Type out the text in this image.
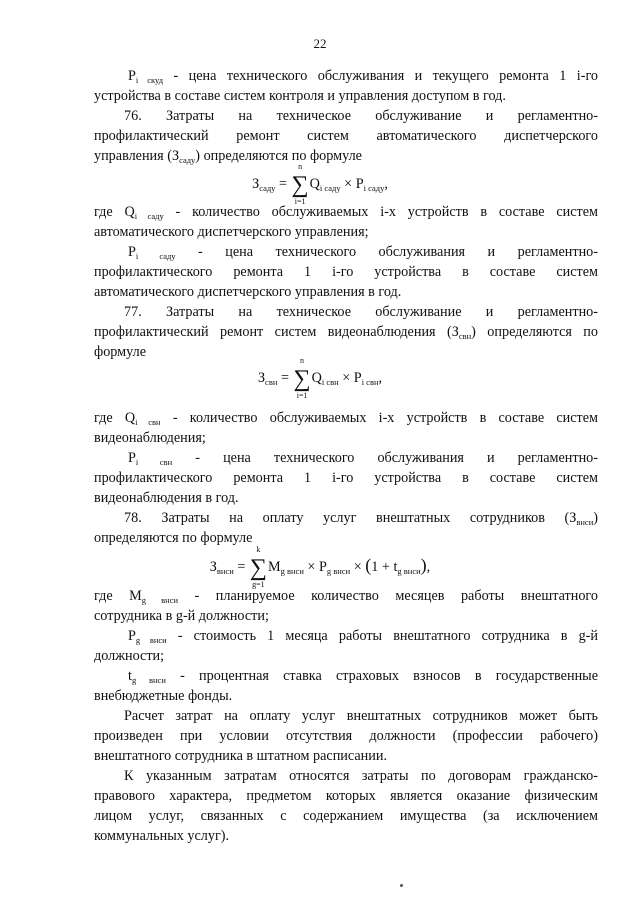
22
$P_{i скуд}$ - цена технического обслуживания и текущего ремонта 1 i-го
устройства в составе систем контроля и управления доступом в год.
76. Затраты на техническое обслуживание и регламентно-
профилактический ремонт систем автоматического диспетчерского
управления $(З_{саду})$ определяются по формуле
$З_{саду}$ =
n
∑
i=1
$Q_{i саду} \times P_{i саду}$,
где $Q_{i саду}$ - количество обслуживаемых i-х устройств в составе систем
автоматического диспетчерского управления;
$P_{i саду}$ - цена технического обслуживания и регламентно-
профилактического ремонта 1 i-го устройства в составе систем
автоматического диспетчерского управления в год.
77. Затраты на техническое обслуживание и регламентно-
профилактический ремонт систем видеонаблюдения $(З_{свн})$ определяются по
формуле
$З_{свн}$ =
n
∑
i=1
$Q_{i свн} \times P_{i свн}$,
где $Q_{i свн}$ - количество обслуживаемых i-х устройств в составе систем
видеонаблюдения;
$P_{i свн}$ - цена технического обслуживания и регламентно-
профилактического ремонта 1 i-го устройства в составе систем
видеонаблюдения в год.
78. Затраты на оплату услуг внештатных сотрудников $(З_{внси})$
определяются по формуле
$З_{внси}$ =
k
∑
g=1
$M_{g внси} \times P_{g внси} \times (1 + t_{g внси})$,
где $M_{g внси}$ - планируемое количество месяцев работы внештатного
сотрудника в g-й должности;
$P_{g внси}$ - стоимость 1 месяца работы внештатного сотрудника в g-й
должности;
$t_{g внси}$ - процентная ставка страховых взносов в государственные
внебюджетные фонды.
Расчет затрат на оплату услуг внештатных сотрудников может быть
произведен при условии отсутствия должности (профессии рабочего)
внештатного сотрудника в штатном расписании.
К указанным затратам относятся затраты по договорам гражданско-
правового характера, предметом которых является оказание физическим
лицом услуг, связанных с содержанием имущества (за исключением
коммунальных услуг).
